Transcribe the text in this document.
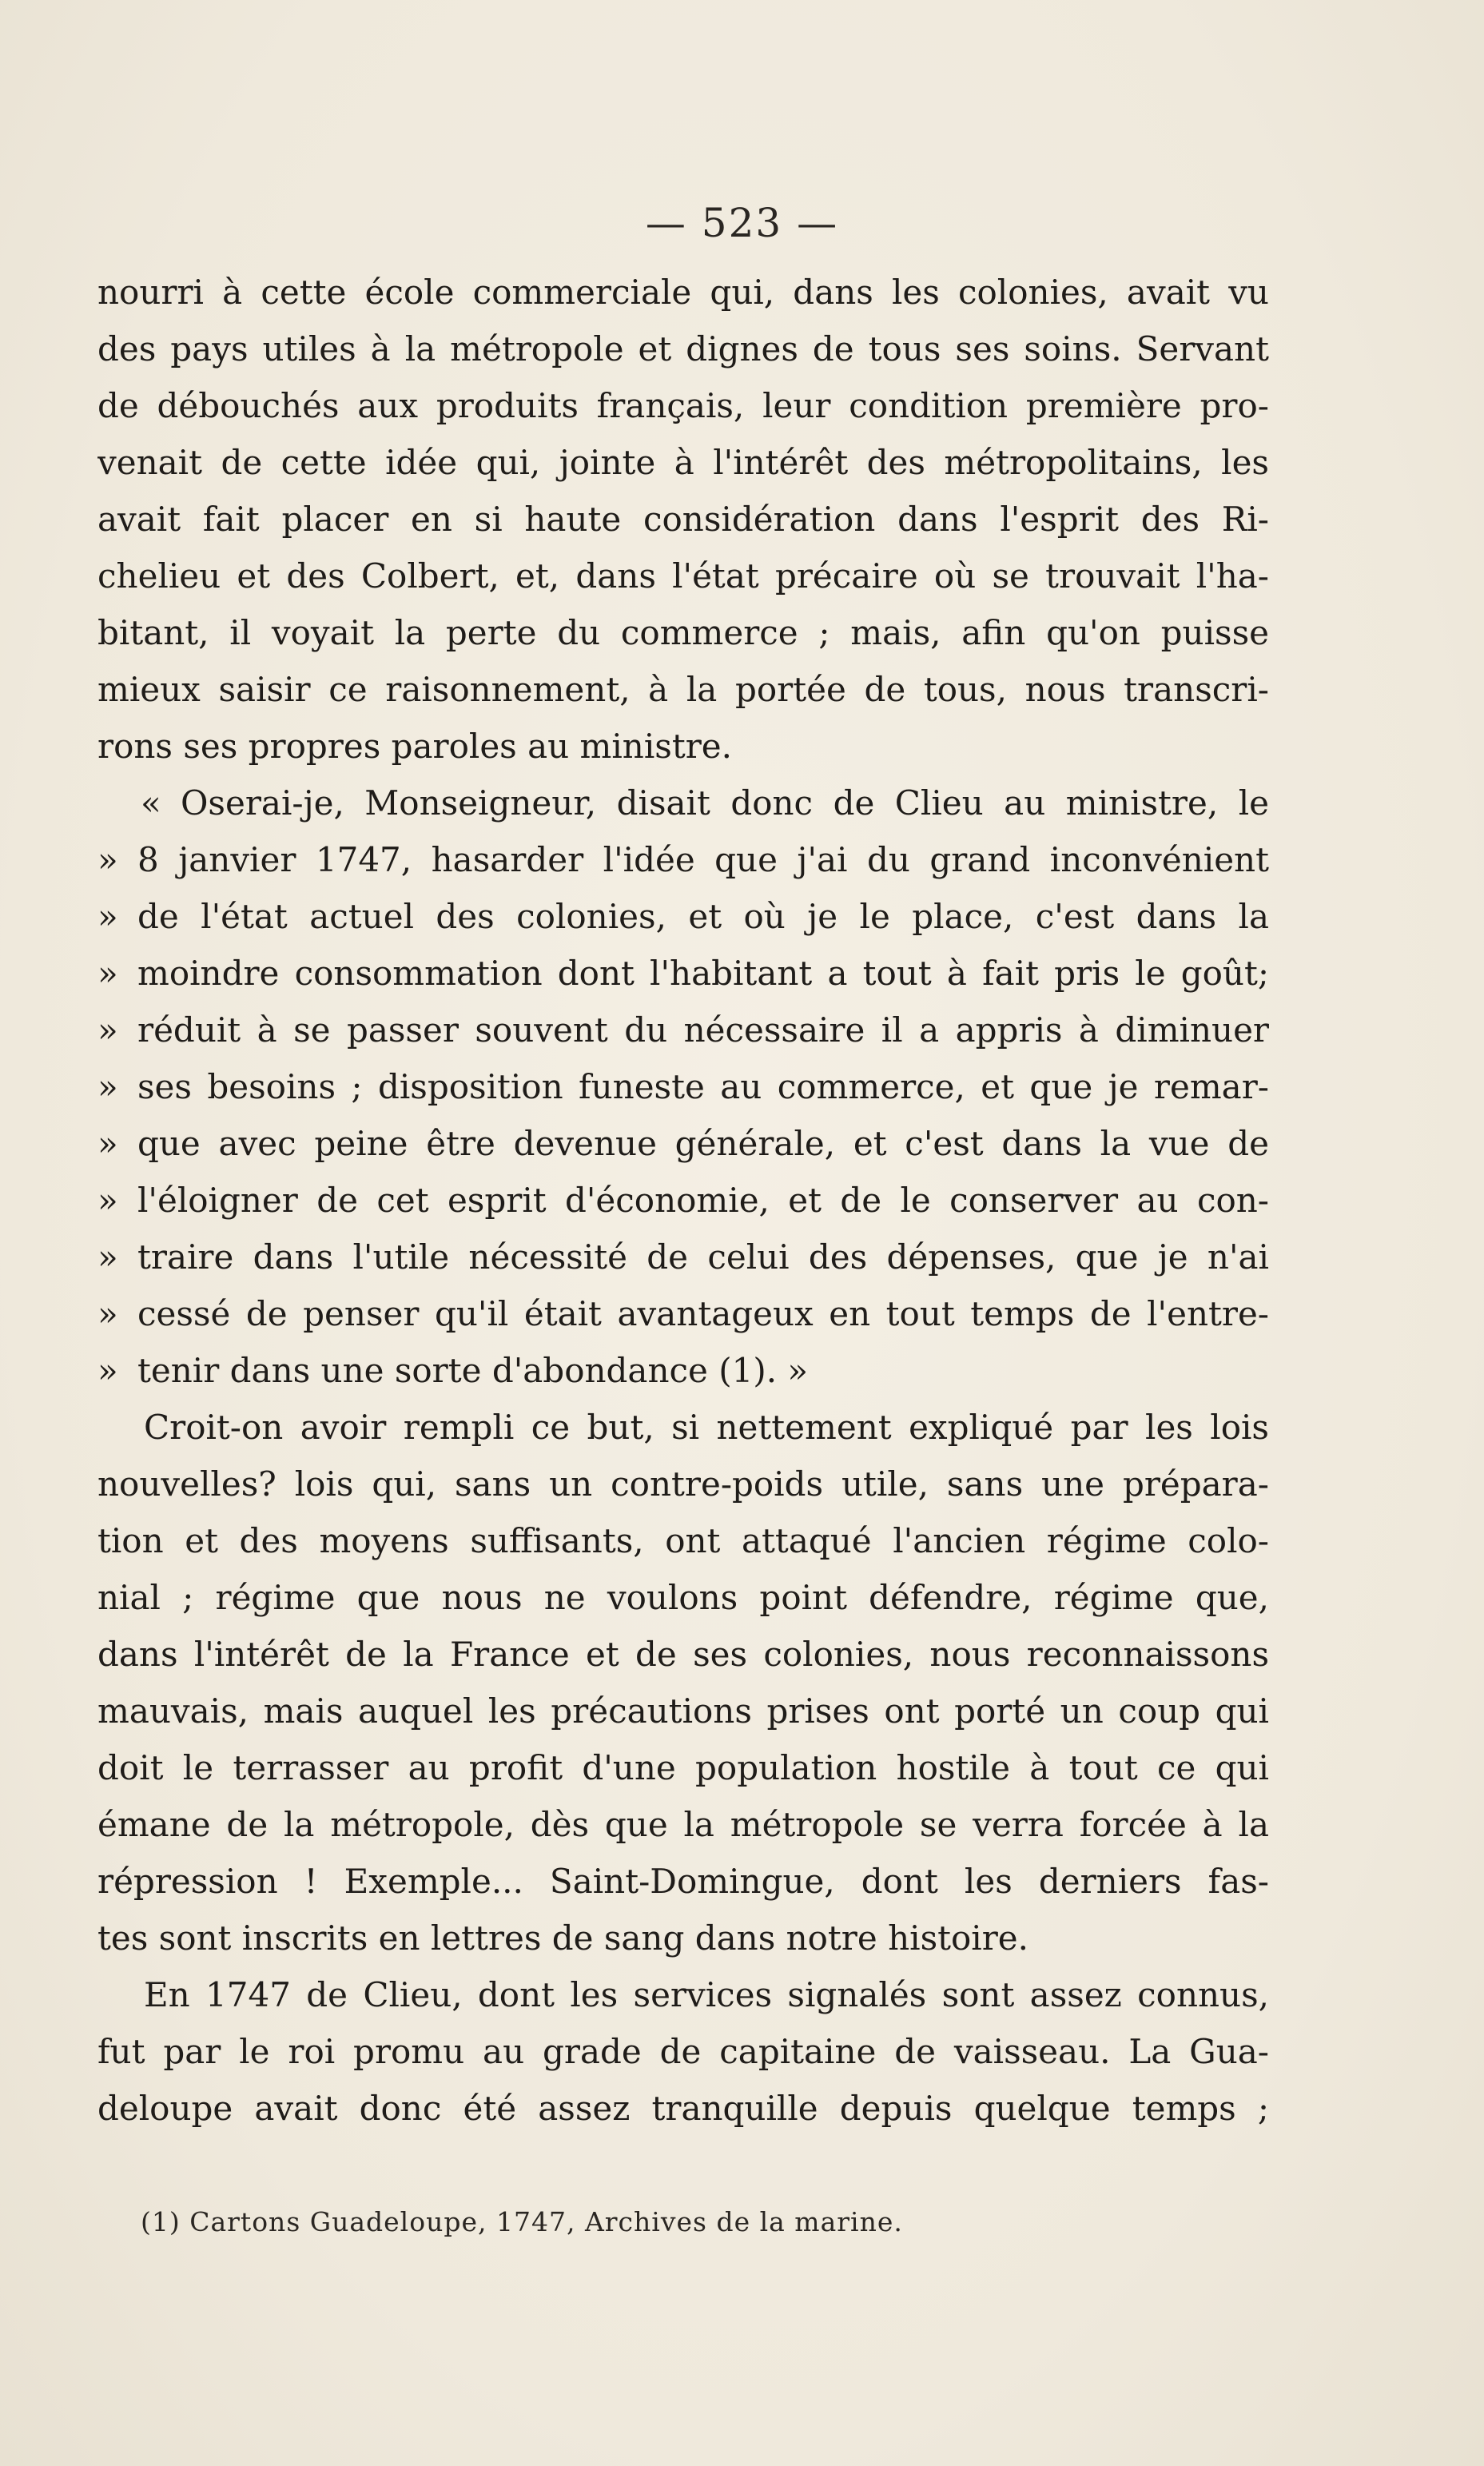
— 523 —
nourri à cette école commerciale qui, dans les colonies, avait vu
des pays utiles à la métropole et dignes de tous ses soins. Servant
de débouchés aux produits français, leur condition première pro-
venait de cette idée qui, jointe à l'intérêt des métropolitains, les
avait fait placer en si haute considération dans l'esprit des Ri-
chelieu et des Colbert, et, dans l'état précaire où se trouvait l'ha-
bitant, il voyait la perte du commerce ; mais, afin qu'on puisse
mieux saisir ce raisonnement, à la portée de tous, nous transcri-
rons ses propres paroles au ministre.
« Oserai-je, Monseigneur, disait donc de Clieu au ministre, le
» 8 janvier 1747, hasarder l'idée que j'ai du grand inconvénient
» de l'état actuel des colonies, et où je le place, c'est dans la
» moindre consommation dont l'habitant a tout à fait pris le goût;
» réduit à se passer souvent du nécessaire il a appris à diminuer
» ses besoins ; disposition funeste au commerce, et que je remar-
» que avec peine être devenue générale, et c'est dans la vue de
» l'éloigner de cet esprit d'économie, et de le conserver au con-
» traire dans l'utile nécessité de celui des dépenses, que je n'ai
» cessé de penser qu'il était avantageux en tout temps de l'entre-
» tenir dans une sorte d'abondance (1). »
Croit-on avoir rempli ce but, si nettement expliqué par les lois
nouvelles? lois qui, sans un contre-poids utile, sans une prépara-
tion et des moyens suffisants, ont attaqué l'ancien régime colo-
nial ; régime que nous ne voulons point défendre, régime que,
dans l'intérêt de la France et de ses colonies, nous reconnaissons
mauvais, mais auquel les précautions prises ont porté un coup qui
doit le terrasser au profit d'une population hostile à tout ce qui
émane de la métropole, dès que la métropole se verra forcée à la
répression ! Exemple... Saint-Domingue, dont les derniers fas-
tes sont inscrits en lettres de sang dans notre histoire.
En 1747 de Clieu, dont les services signalés sont assez connus,
fut par le roi promu au grade de capitaine de vaisseau. La Gua-
deloupe avait donc été assez tranquille depuis quelque temps ;
(1) Cartons Guadeloupe, 1747, Archives de la marine.
